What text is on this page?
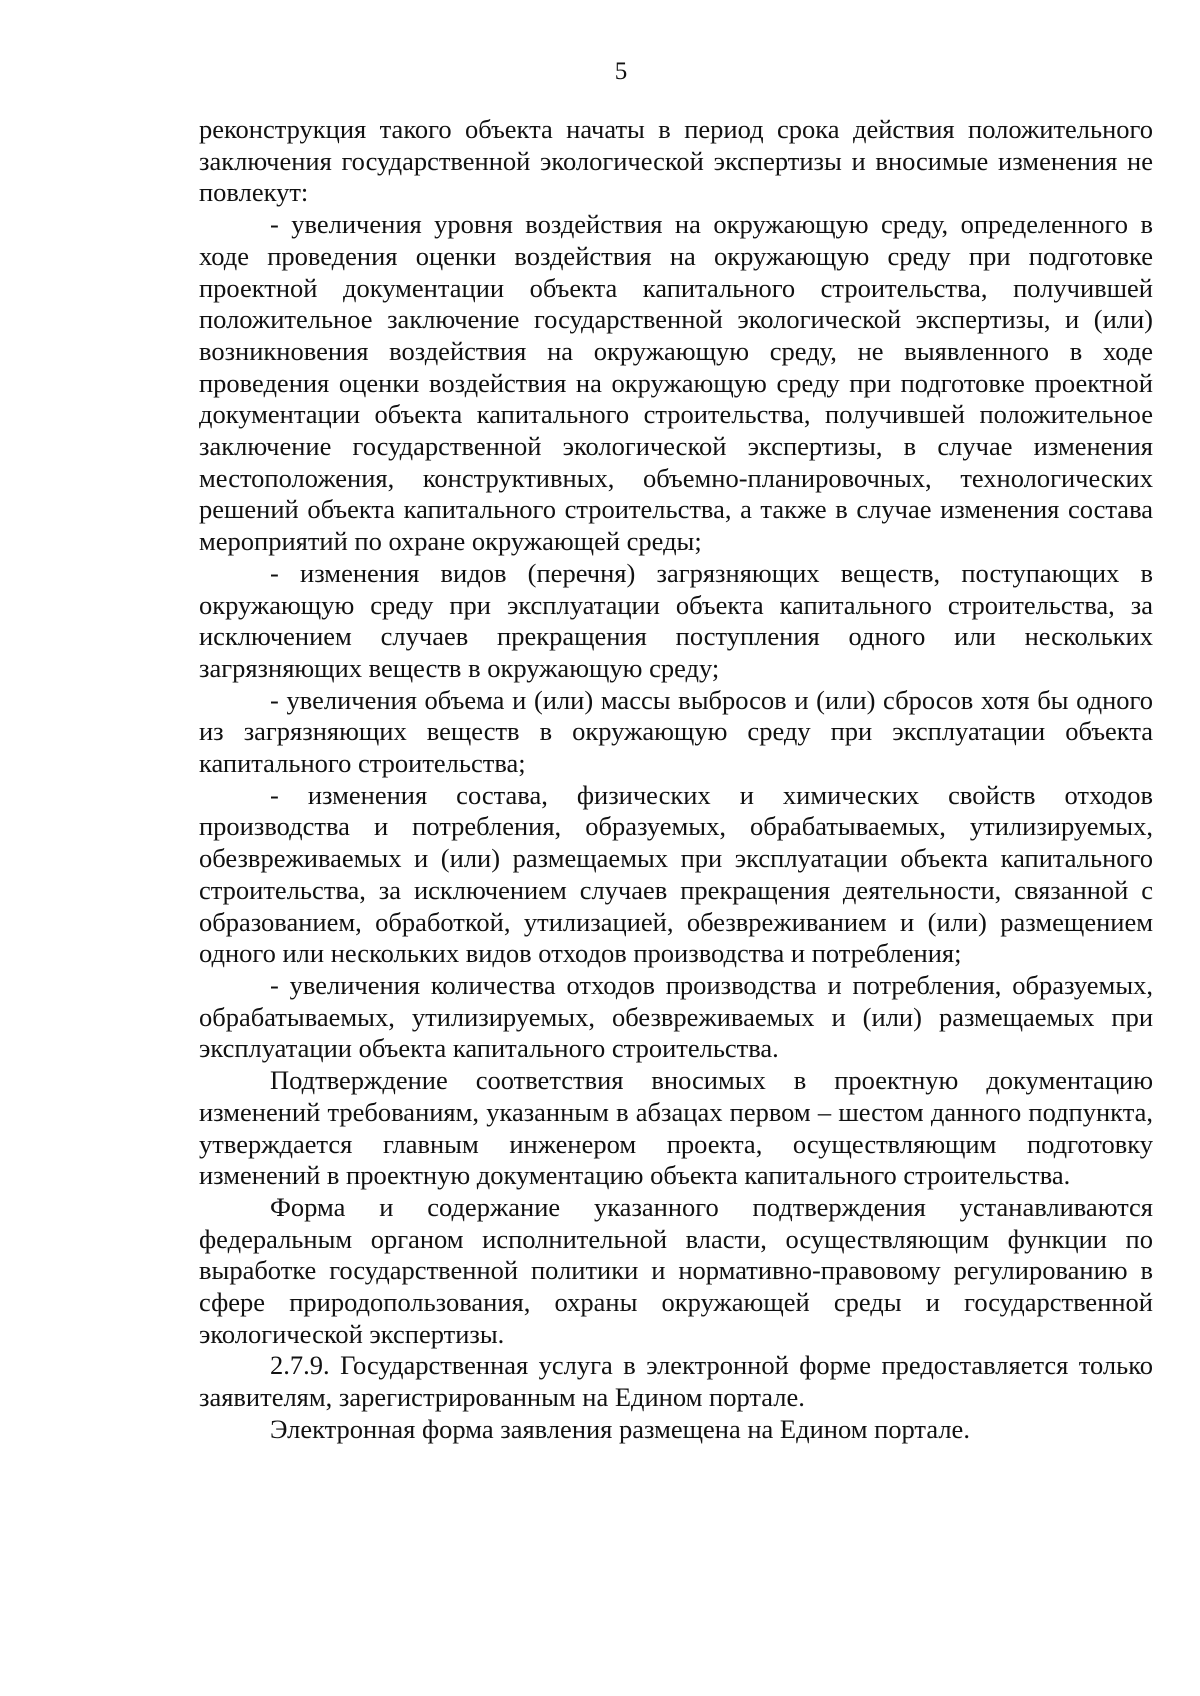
5

реконструкция такого объекта начаты в период срока действия положительного заключения государственной экологической экспертизы и вносимые изменения не повлекут:

- увеличения уровня воздействия на окружающую среду, определенного в ходе проведения оценки воздействия на окружающую среду при подготовке проектной документации объекта капитального строительства, получившей положительное заключение государственной экологической экспертизы, и (или) возникновения воздействия на окружающую среду, не выявленного в ходе проведения оценки воздействия на окружающую среду при подготовке проектной документации объекта капитального строительства, получившей положительное заключение государственной экологической экспертизы, в случае изменения местоположения, конструктивных, объемно-планировочных, технологических решений объекта капитального строительства, а также в случае изменения состава мероприятий по охране окружающей среды;

- изменения видов (перечня) загрязняющих веществ, поступающих в окружающую среду при эксплуатации объекта капитального строительства, за исключением случаев прекращения поступления одного или нескольких загрязняющих веществ в окружающую среду;

- увеличения объема и (или) массы выбросов и (или) сбросов хотя бы одного из загрязняющих веществ в окружающую среду при эксплуатации объекта капитального строительства;

- изменения состава, физических и химических свойств отходов производства и потребления, образуемых, обрабатываемых, утилизируемых, обезвреживаемых и (или) размещаемых при эксплуатации объекта капитального строительства, за исключением случаев прекращения деятельности, связанной с образованием, обработкой, утилизацией, обезвреживанием и (или) размещением одного или нескольких видов отходов производства и потребления;

- увеличения количества отходов производства и потребления, образуемых, обрабатываемых, утилизируемых, обезвреживаемых и (или) размещаемых при эксплуатации объекта капитального строительства.

Подтверждение соответствия вносимых в проектную документацию изменений требованиям, указанным в абзацах первом – шестом данного подпункта, утверждается главным инженером проекта, осуществляющим подготовку изменений в проектную документацию объекта капитального строительства.

Форма и содержание указанного подтверждения устанавливаются федеральным органом исполнительной власти, осуществляющим функции по выработке государственной политики и нормативно-правовому регулированию в сфере природопользования, охраны окружающей среды и государственной экологической экспертизы.

2.7.9. Государственная услуга в электронной форме предоставляется только заявителям, зарегистрированным на Едином портале.

Электронная форма заявления размещена на Едином портале.
